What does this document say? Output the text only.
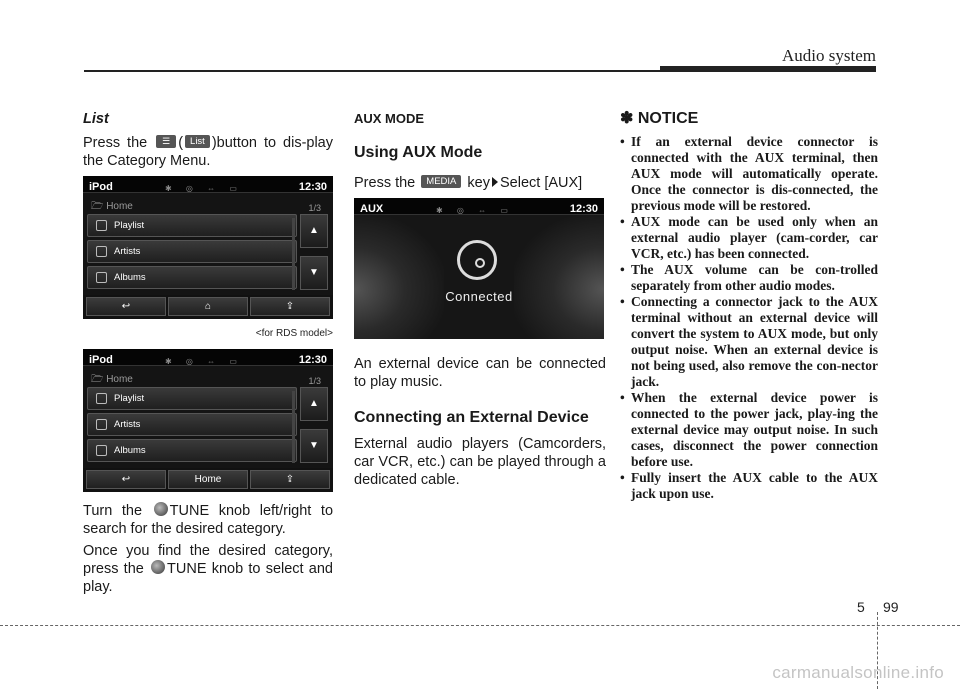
Audio system
List

Press the ☰ ( List )button to dis-play the Category Menu.

iPod	✱ ◎ ⇔ ▭	12:30
🗁 Home	1/3
Playlist
Artists
Albums
▲
▼
↩	⌂	⇪
<for RDS model>
iPod	✱ ◎ ⇔ ▭	12:30
🗁 Home	1/3
Playlist
Artists
Albums
▲
▼
↩	Home	⇪

Turn the TUNE knob left/right to search for the desired category.

Once you find the desired category, press the TUNE knob to select and play.

AUX MODE
Using AUX Mode

Press the MEDIA key Select [AUX]

AUX	✱ ◎ ⇔ ▭	12:30
Connected

An external device can be connected to play music.

Connecting an External Device

External audio players (Camcorders, car VCR, etc.) can be played through a dedicated cable.

✽ NOTICE
• If an external device connector is connected with the AUX terminal, then AUX mode will automatically operate. Once the connector is dis-connected, the previous mode will be restored.
• AUX mode can be used only when an external audio player (cam-corder, car VCR, etc.) has been connected.
• The AUX volume can be con-trolled separately from other audio modes.
• Connecting a connector jack to the AUX terminal without an external device will convert the system to AUX mode, but only output noise. When an external device is not being used, also remove the con-nector jack.
• When the external device power is connected to the power jack, play-ing the external device may output noise. In such cases, disconnect the power connection before use.
• Fully insert the AUX cable to the AUX jack upon use.
5 99
carmanualsonline.info
